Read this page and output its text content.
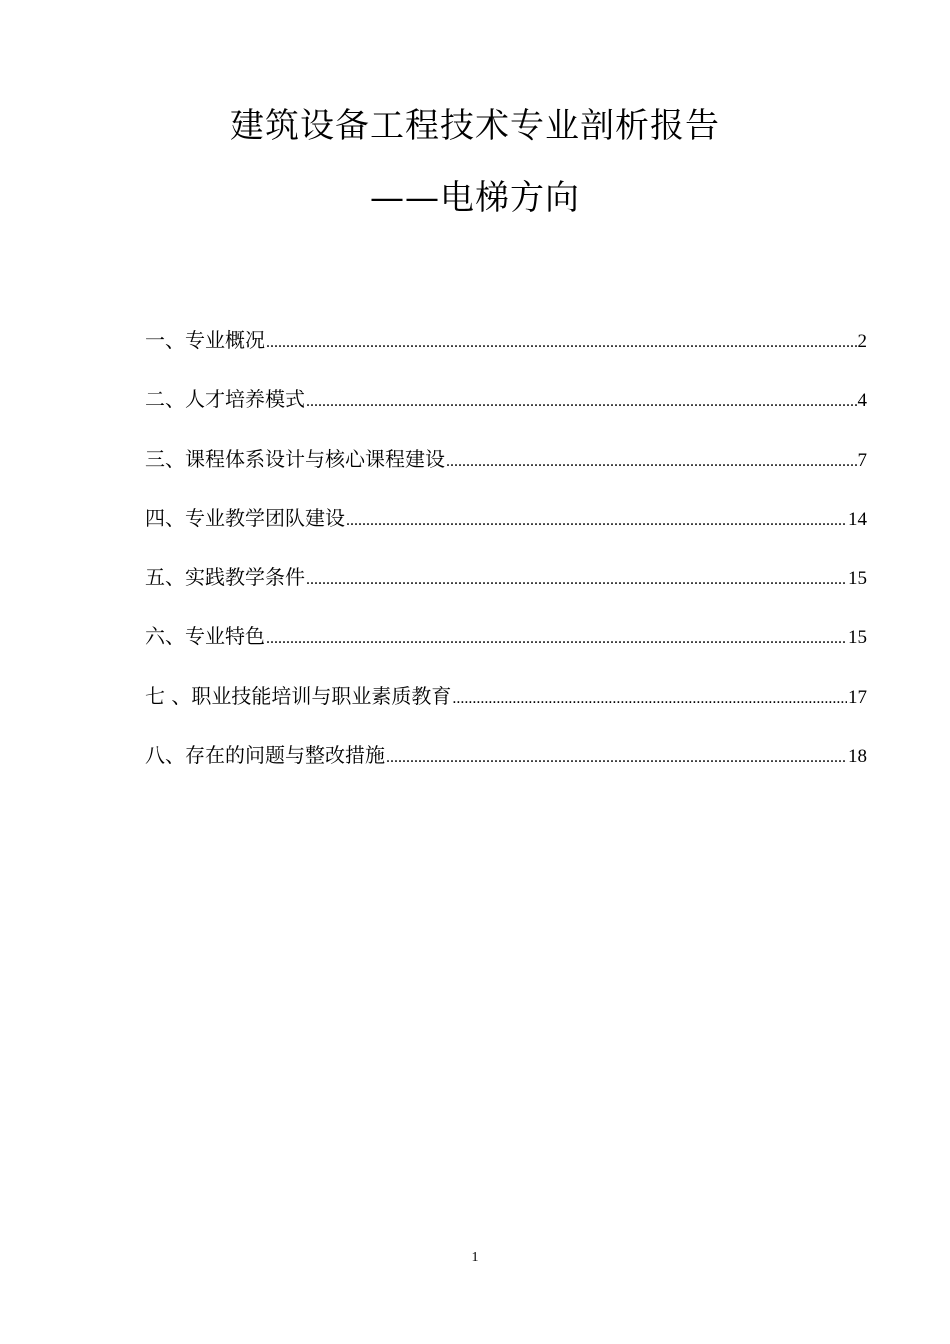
建筑设备工程技术专业剖析报告
——电梯方向
一、专业概况 .....	2
二、人才培养模式 .....	4
三、课程体系设计与核心课程建设 .....	7
四、专业教学团队建设 .....	14
五、实践教学条件 .....	15
六、专业特色 .....	15
七 、职业技能培训与职业素质教育 .....	17
八、存在的问题与整改措施 .....	18
1
